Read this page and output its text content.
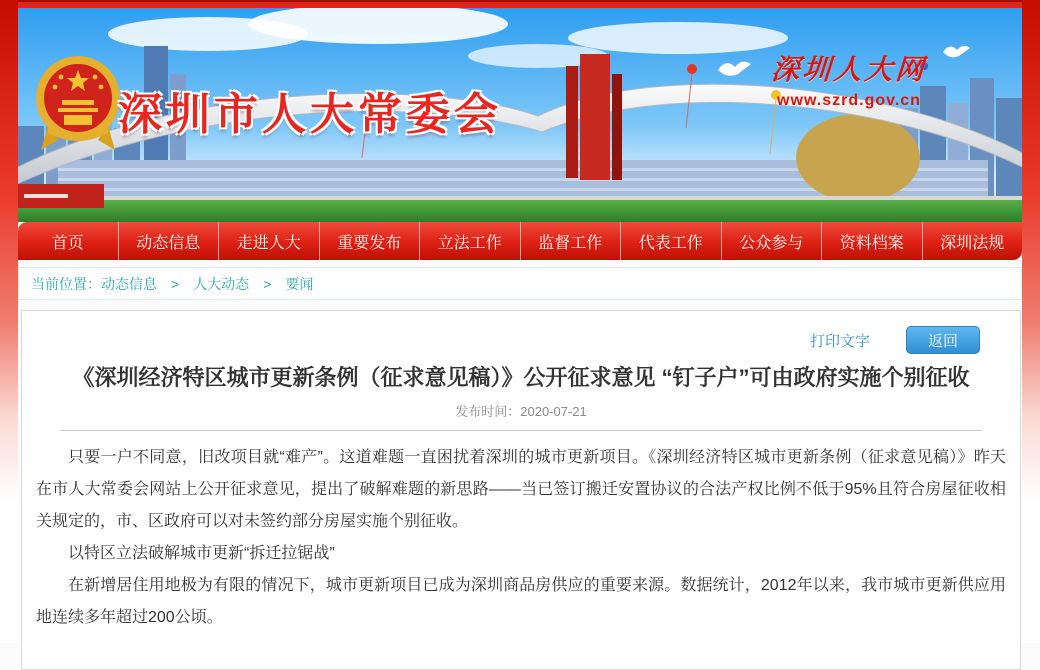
深圳市人大常委会
深圳人大网
www.szrd.gov.cn
首页	动态信息	走进人大	重要发布	立法工作	监督工作	代表工作	公众参与	资料档案	深圳法规
当前位置： 动态信息 > 人大动态 > 要闻
打印文字	返回
《深圳经济特区城市更新条例（征求意见稿）》公开征求意见 “钉子户”可由政府实施个别征收
发布时间：2020-07-21

只要一户不同意，旧改项目就“难产”。这道难题一直困扰着深圳的城市更新项目。《深圳经济特区城市更新条例（征求意见稿）》昨天在市人大常委会网站上公开征求意见，提出了破解难题的新思路——当已签订搬迁安置协议的合法产权比例不低于95%且符合房屋征收相关规定的，市、区政府可以对未签约部分房屋实施个别征收。

以特区立法破解城市更新“拆迁拉锯战”

在新增居住用地极为有限的情况下，城市更新项目已成为深圳商品房供应的重要来源。数据统计，2012年以来，我市城市更新供应用地连续多年超过200公顷。
